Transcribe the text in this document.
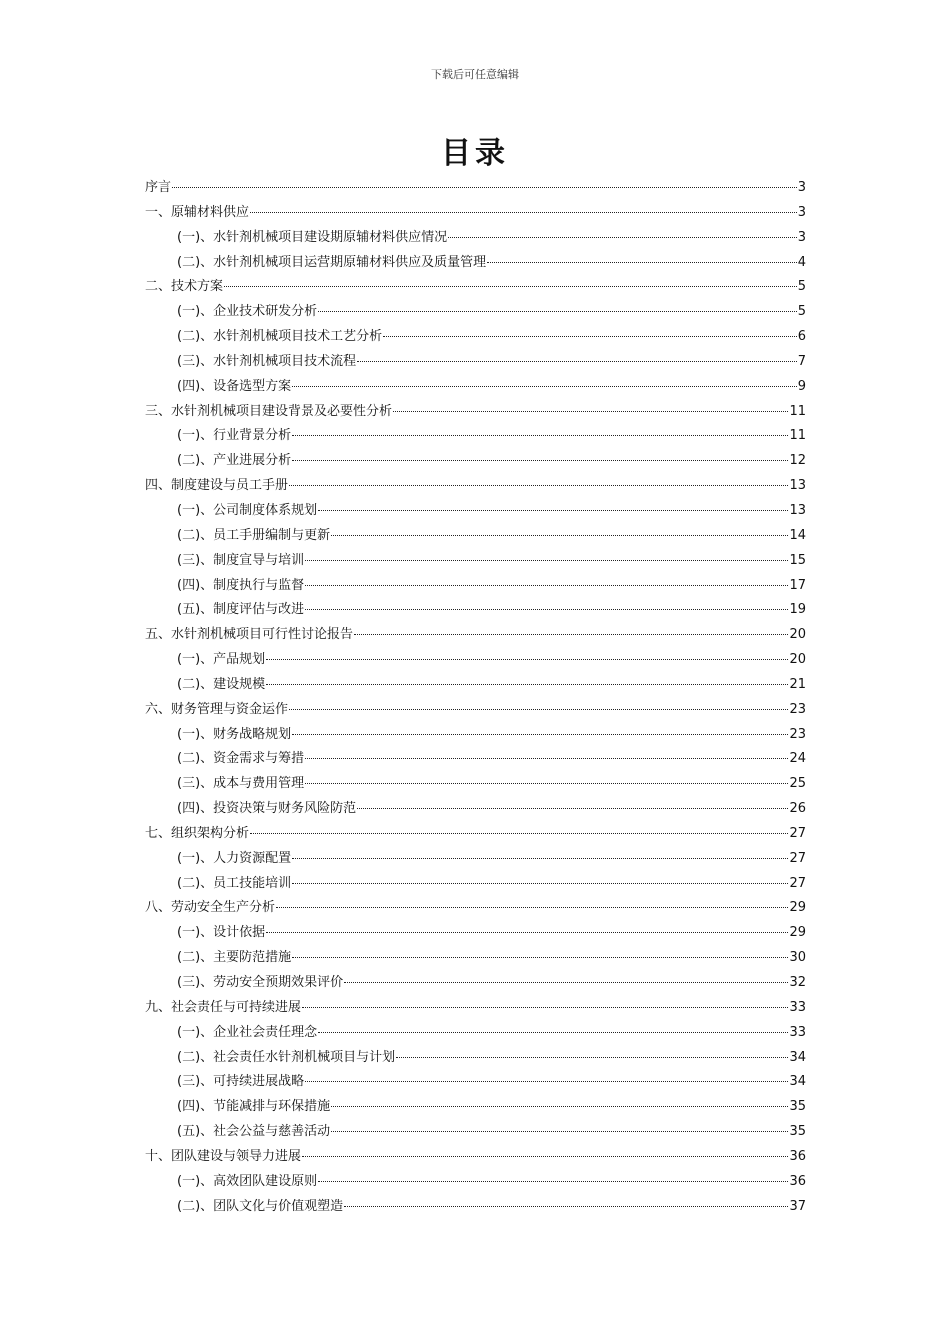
下载后可任意编辑
目录
序言	3
一、原辅材料供应	3
(一)、水针剂机械项目建设期原辅材料供应情况	3
(二)、水针剂机械项目运营期原辅材料供应及质量管理	4
二、技术方案	5
(一)、企业技术研发分析	5
(二)、水针剂机械项目技术工艺分析	6
(三)、水针剂机械项目技术流程	7
(四)、设备选型方案	9
三、水针剂机械项目建设背景及必要性分析	11
(一)、行业背景分析	11
(二)、产业进展分析	12
四、制度建设与员工手册	13
(一)、公司制度体系规划	13
(二)、员工手册编制与更新	14
(三)、制度宣导与培训	15
(四)、制度执行与监督	17
(五)、制度评估与改进	19
五、水针剂机械项目可行性讨论报告	20
(一)、产品规划	20
(二)、建设规模	21
六、财务管理与资金运作	23
(一)、财务战略规划	23
(二)、资金需求与筹措	24
(三)、成本与费用管理	25
(四)、投资决策与财务风险防范	26
七、组织架构分析	27
(一)、人力资源配置	27
(二)、员工技能培训	27
八、劳动安全生产分析	29
(一)、设计依据	29
(二)、主要防范措施	30
(三)、劳动安全预期效果评价	32
九、社会责任与可持续进展	33
(一)、企业社会责任理念	33
(二)、社会责任水针剂机械项目与计划	34
(三)、可持续进展战略	34
(四)、节能减排与环保措施	35
(五)、社会公益与慈善活动	35
十、团队建设与领导力进展	36
(一)、高效团队建设原则	36
(二)、团队文化与价值观塑造	37
